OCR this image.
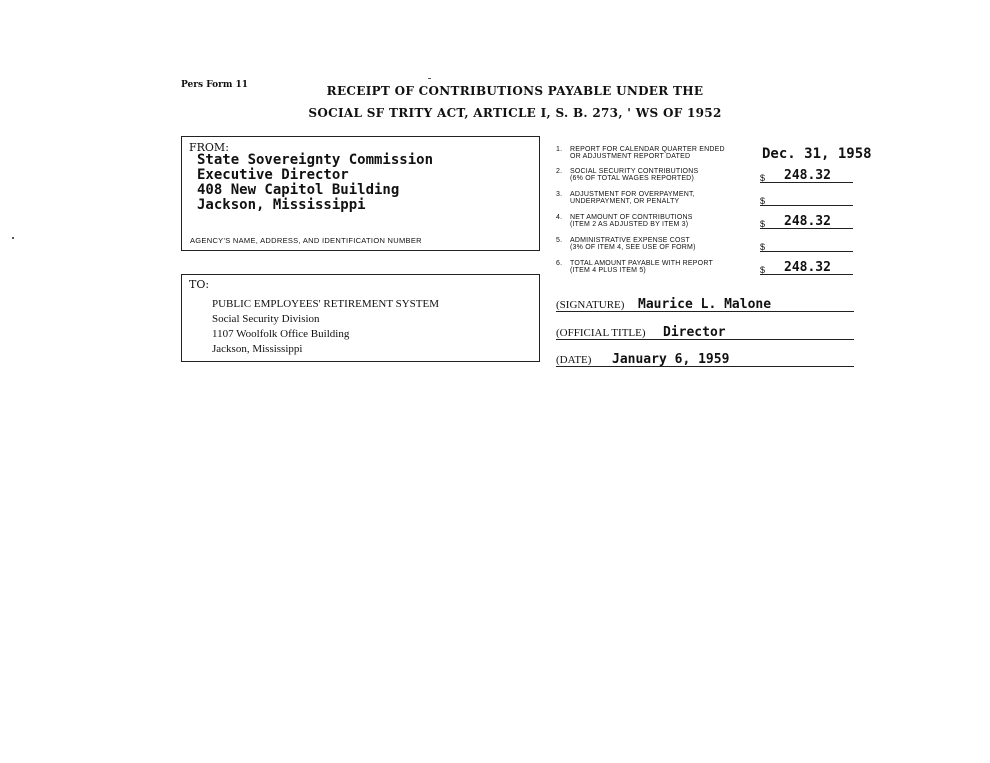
Pers Form 11	RECEIPT OF CONTRIBUTIONS PAYABLE UNDER THE
SOCIAL SF TRITY ACT, ARTICLE I, S. B. 273, ' WS OF 1952
FROM:
State Sovereignty Commission
Executive Director
408 New Capitol Building
Jackson, Mississippi
AGENCY'S NAME, ADDRESS, AND IDENTIFICATION NUMBER
TO:
PUBLIC EMPLOYEES' RETIREMENT SYSTEM
Social Security Division
1107 Woolfolk Office Building
Jackson, Mississippi
1. REPORT FOR CALENDAR QUARTER ENDED
OR ADJUSTMENT REPORT DATED	Dec. 31, 1958
2. SOCIAL SECURITY CONTRIBUTIONS
(6% OF TOTAL WAGES REPORTED)	$ 248.32
3. ADJUSTMENT FOR OVERPAYMENT,
UNDERPAYMENT, OR PENALTY	$
4. NET AMOUNT OF CONTRIBUTIONS
(ITEM 2 AS ADJUSTED BY ITEM 3)	$ 248.32
5. ADMINISTRATIVE EXPENSE COST
(3% OF ITEM 4, SEE USE OF FORM)	$
6. TOTAL AMOUNT PAYABLE WITH REPORT
(ITEM 4 PLUS ITEM 5)	$ 248.32
(SIGNATURE) Maurice L. Malone
(OFFICIAL TITLE) Director
(DATE) January 6, 1959
